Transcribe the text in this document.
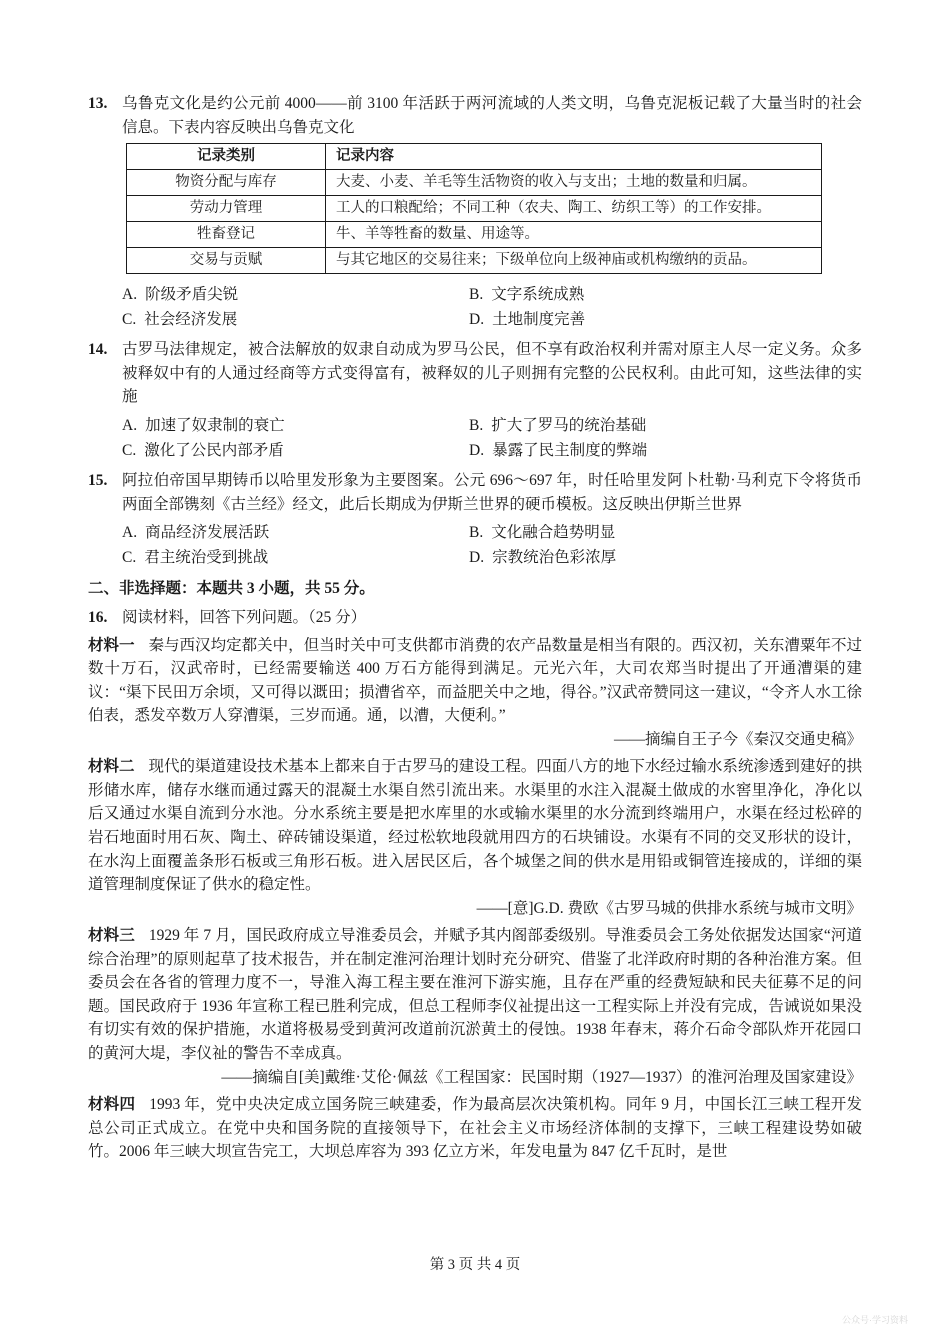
13. 乌鲁克文化是约公元前 4000——前 3100 年活跃于两河流域的人类文明，乌鲁克泥板记载了大量当时的社会信息。下表内容反映出乌鲁克文化
记录类别	记录内容
物资分配与库存	大麦、小麦、羊毛等生活物资的收入与支出；土地的数量和归属。
劳动力管理	工人的口粮配给；不同工种（农夫、陶工、纺织工等）的工作安排。
牲畜登记	牛、羊等牲畜的数量、用途等。
交易与贡赋	与其它地区的交易往来；下级单位向上级神庙或机构缴纳的贡品。
A. 阶级矛盾尖锐	B. 文字系统成熟
C. 社会经济发展	D. 土地制度完善
14. 古罗马法律规定，被合法解放的奴隶自动成为罗马公民，但不享有政治权利并需对原主人尽一定义务。众多被释奴中有的人通过经商等方式变得富有，被释奴的儿子则拥有完整的公民权利。由此可知，这些法律的实施
A. 加速了奴隶制的衰亡	B. 扩大了罗马的统治基础
C. 激化了公民内部矛盾	D. 暴露了民主制度的弊端
15. 阿拉伯帝国早期铸币以哈里发形象为主要图案。公元 696～697 年，时任哈里发阿卜杜勒·马利克下令将货币两面全部镌刻《古兰经》经文，此后长期成为伊斯兰世界的硬币模板。这反映出伊斯兰世界
A. 商品经济发展活跃	B. 文化融合趋势明显
C. 君主统治受到挑战	D. 宗教统治色彩浓厚
二、非选择题：本题共 3 小题，共 55 分。
16. 阅读材料，回答下列问题。（25 分）

材料一 秦与西汉均定都关中，但当时关中可支供都市消费的农产品数量是相当有限的。西汉初，关东漕粟年不过数十万石，汉武帝时，已经需要输送 400 万石方能得到满足。元光六年，大司农郑当时提出了开通漕渠的建议：“渠下民田万余顷，又可得以溉田；损漕省卒，而益肥关中之地，得谷。”汉武帝赞同这一建议，“令齐人水工徐伯表，悉发卒数万人穿漕渠，三岁而通。通，以漕，大便利。”

——摘编自王子今《秦汉交通史稿》

材料二 现代的渠道建设技术基本上都来自于古罗马的建设工程。四面八方的地下水经过输水系统渗透到建好的拱形储水库，储存水继而通过露天的混凝土水渠自然引流出来。水渠里的水注入混凝土做成的水窖里净化，净化以后又通过水渠自流到分水池。分水系统主要是把水库里的水或输水渠里的水分流到终端用户，水渠在经过松碎的岩石地面时用石灰、陶土、碎砖铺设渠道，经过松软地段就用四方的石块铺设。水渠有不同的交叉形状的设计，在水沟上面覆盖条形石板或三角形石板。进入居民区后，各个城堡之间的供水是用铅或铜管连接成的，详细的渠道管理制度保证了供水的稳定性。

——[意]G.D. 费欧《古罗马城的供排水系统与城市文明》

材料三 1929 年 7 月，国民政府成立导淮委员会，并赋予其内阁部委级别。导淮委员会工务处依据发达国家“河道综合治理”的原则起草了技术报告，并在制定淮河治理计划时充分研究、借鉴了北洋政府时期的各种治淮方案。但委员会在各省的管理力度不一，导淮入海工程主要在淮河下游实施，且存在严重的经费短缺和民夫征募不足的问题。国民政府于 1936 年宣称工程已胜利完成，但总工程师李仪祉提出这一工程实际上并没有完成，告诫说如果没有切实有效的保护措施，水道将极易受到黄河改道前沉淤黄土的侵蚀。1938 年春末，蒋介石命令部队炸开花园口的黄河大堤，李仪祉的警告不幸成真。

——摘编自[美]戴维·艾伦·佩兹《工程国家：民国时期（1927—1937）的淮河治理及国家建设》

材料四 1993 年，党中央决定成立国务院三峡建委，作为最高层次决策机构。同年 9 月，中国长江三峡工程开发总公司正式成立。在党中央和国务院的直接领导下，在社会主义市场经济体制的支撑下，三峡工程建设势如破竹。2006 年三峡大坝宣告完工，大坝总库容为 393 亿立方米，年发电量为 847 亿千瓦时，是世

第 3 页 共 4 页
公众号·学习资料
